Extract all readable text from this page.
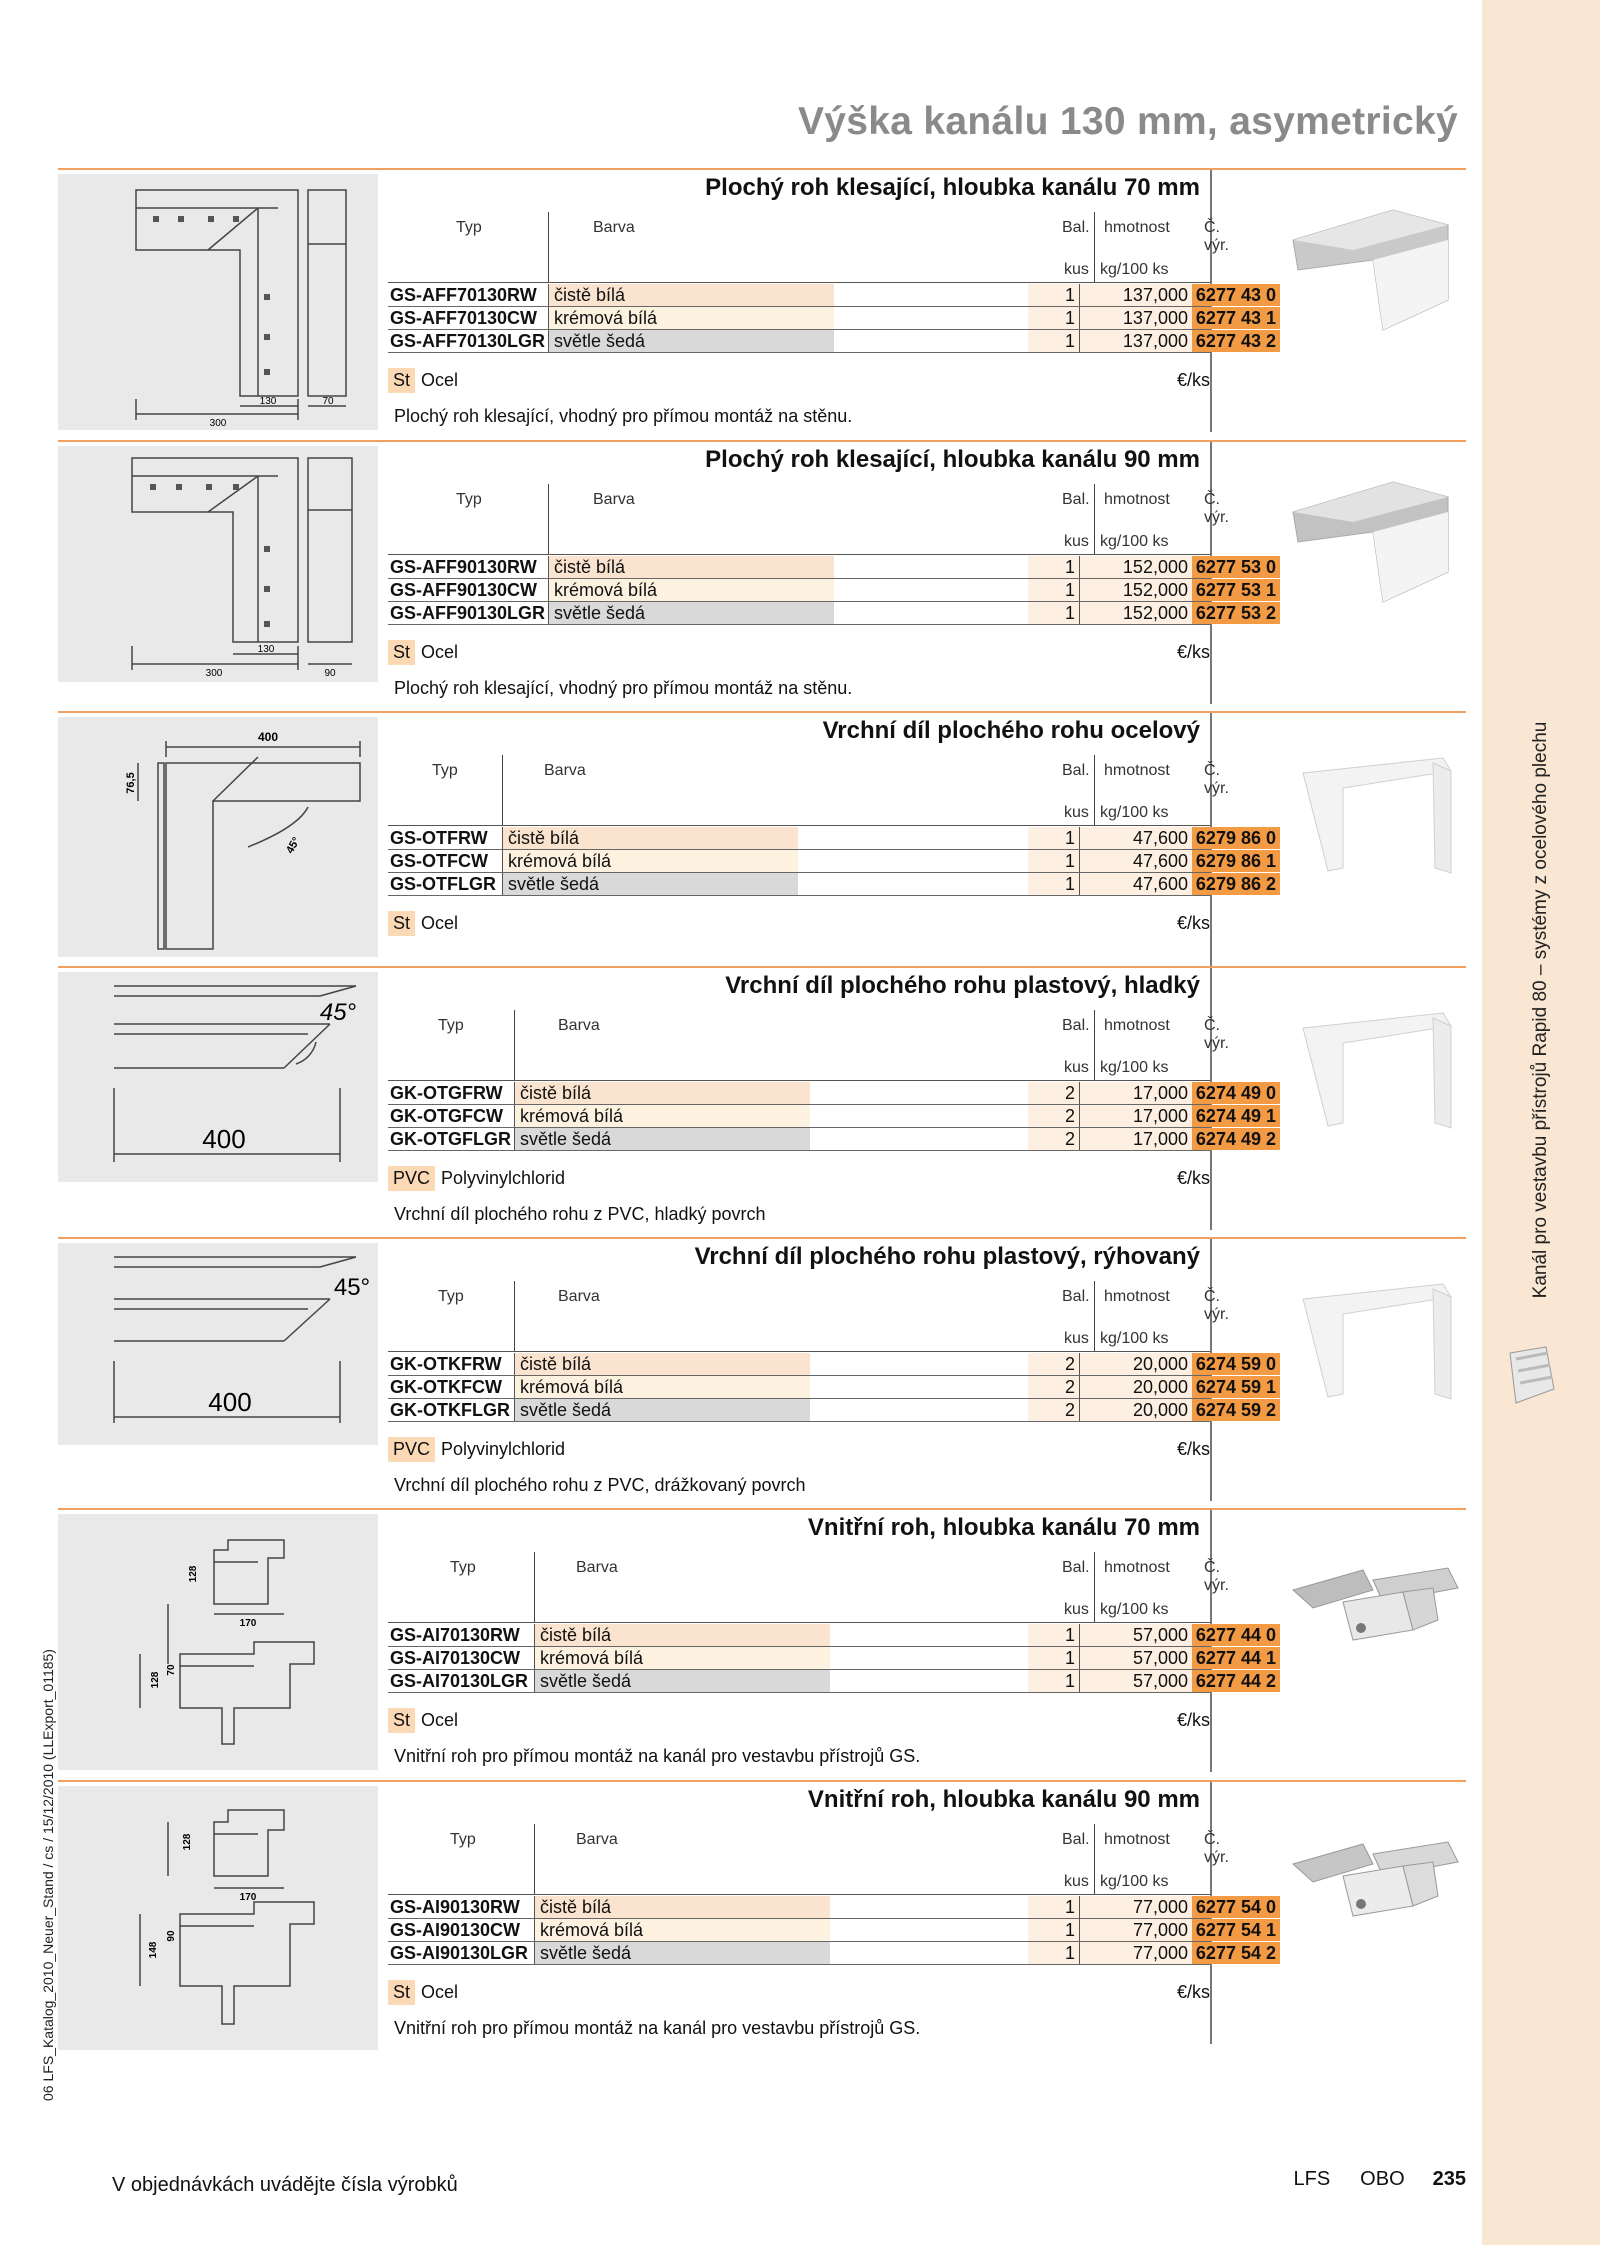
Kanál pro vestavbu přístrojů Rapid 80 – systémy z ocelového plechu
06 LFS_Katalog_2010_Neuer_Stand / cs / 15/12/2010 (LLExport_01185)
Výška kanálu 130 mm, asymetrický
300
130	70
Plochý roh klesající, hloubka kanálu 70 mm
Typ	Barva	Bal. hmotnost Č. výr.
kus kg/100 ks
GS-AFF70130RW čistě bílá	1	137,000 6277 43 0
GS-AFF70130CW krémová bílá	1	137,000 6277 43 1
GS-AFF70130LGR světle šedá	1	137,000 6277 43 2
St Ocel	€/ks
Plochý roh klesající, vhodný pro přímou montáž na stěnu.
300
130
90
Plochý roh klesající, hloubka kanálu 90 mm
Typ	Barva	Bal. hmotnost Č. výr.
kus kg/100 ks
GS-AFF90130RW čistě bílá	1	152,000 6277 53 0
GS-AFF90130CW krémová bílá	1	152,000 6277 53 1
GS-AFF90130LGR světle šedá	1	152,000 6277 53 2
St Ocel	€/ks
Plochý roh klesající, vhodný pro přímou montáž na stěnu.
400
76,5
45°
Vrchní díl plochého rohu ocelový
Typ	Barva	Bal. hmotnost Č. výr.
kus kg/100 ks
GS-OTFRW	čistě bílá	1	47,600 6279 86 0
GS-OTFCW	krémová bílá	1	47,600 6279 86 1
GS-OTFLGR světle šedá	1	47,600 6279 86 2
St Ocel	€/ks
45°
400
Vrchní díl plochého rohu plastový, hladký
Typ	Barva	Bal. hmotnost Č. výr.
kus kg/100 ks
GK-OTGFRW čistě bílá	2	17,000 6274 49 0
GK-OTGFCW krémová bílá	2	17,000 6274 49 1
GK-OTGFLGR světle šedá	2	17,000 6274 49 2
PVC Polyvinylchlorid	€/ks
Vrchní díl plochého rohu z PVC, hladký povrch
45°
400
Vrchní díl plochého rohu plastový, rýhovaný
Typ	Barva	Bal. hmotnost Č. výr.
kus kg/100 ks
GK-OTKFRW	čistě bílá	2	20,000 6274 59 0
GK-OTKFCW	krémová bílá	2	20,000 6274 59 1
GK-OTKFLGR světle šedá	2	20,000 6274 59 2
PVC Polyvinylchlorid	€/ks
Vrchní díl plochého rohu z PVC, drážkovaný povrch
128
170
128
70
Vnitřní roh, hloubka kanálu 70 mm
Typ	Barva	Bal. hmotnost Č. výr.
kus kg/100 ks
GS-AI70130RW	čistě bílá	1	57,000 6277 44 0
GS-AI70130CW	krémová bílá	1	57,000 6277 44 1
GS-AI70130LGR světle šedá	1	57,000 6277 44 2
St Ocel	€/ks
Vnitřní roh pro přímou montáž na kanál pro vestavbu přístrojů GS.
128
170
148
90
Vnitřní roh, hloubka kanálu 90 mm
Typ	Barva	Bal. hmotnost Č. výr.
kus kg/100 ks
GS-AI90130RW	čistě bílá	1	77,000 6277 54 0
GS-AI90130CW	krémová bílá	1	77,000 6277 54 1
GS-AI90130LGR světle šedá	1	77,000 6277 54 2
St Ocel	€/ks
Vnitřní roh pro přímou montáž na kanál pro vestavbu přístrojů GS.
V objednávkách uvádějte čísla výrobků	LFS OBO 235
